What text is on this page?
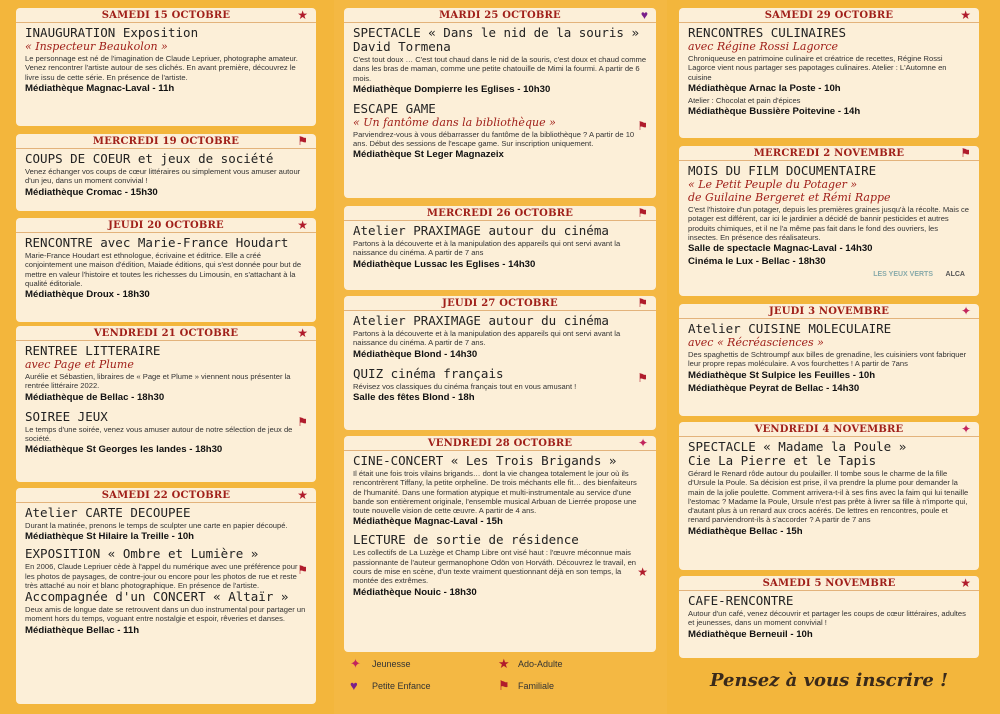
SAMEDI 15 OCTOBRE	★
INAUGURATION Exposition
« Inspecteur Beaukolon »
Le personnage est né de l'imagination de Claude Lepriuer, photographe amateur. Venez rencontrer l'artiste autour de ses clichés. En avant première, découvrez le livre issu de cette série. En présence de l'artiste.
Médiathèque Magnac-Laval - 11h
MERCREDI 19 OCTOBRE	⚑
COUPS DE COEUR et jeux de société
Venez échanger vos coups de cœur littéraires ou simplement vous amuser autour d'un jeu, dans un moment convivial !
Médiathèque Cromac - 15h30
JEUDI 20 OCTOBRE	★
RENCONTRE avec Marie-France Houdart
Marie-France Houdart est ethnologue, écrivaine et éditrice. Elle a créé conjointement une maison d'édition, Maiade éditions, qui s'est donnée pour but de mettre en valeur l'histoire et toutes les richesses du Limousin, en s'attachant à la qualité éditoriale.
Médiathèque Droux - 18h30
VENDREDI 21 OCTOBRE	★
RENTREE LITTERAIRE
avec Page et Plume
Aurélie et Sébastien, libraires de « Page et Plume » viennent nous présenter la rentrée littéraire 2022.
Médiathèque de Bellac - 18h30
⚑
SOIREE JEUX
Le temps d'une soirée, venez vous amuser autour de notre sélection de jeux de société.
Médiathèque St Georges les landes - 18h30
SAMEDI 22 OCTOBRE	★
Atelier CARTE DECOUPEE
Durant la matinée, prenons le temps de sculpter une carte en papier découpé.
Médiathèque St Hilaire la Treille - 10h
⚑
EXPOSITION « Ombre et Lumière »
En 2006, Claude Lepriuer cède à l'appel du numérique avec une préférence pour les photos de paysages, de contre-jour ou encore pour les photos de rue et reste très attaché au noir et blanc photographique. En présence de l'artiste.
Accompagnée d'un CONCERT « Altaïr »
Deux amis de longue date se retrouvent dans un duo instrumental pour partager un moment hors du temps, voguant entre nostalgie et espoir, rêveries et danses.
Médiathèque Bellac - 11h
MARDI 25 OCTOBRE	♥
SPECTACLE « Dans le nid de la souris »
David Tormena
C'est tout doux … C'est tout chaud dans le nid de la souris, c'est doux et chaud comme dans les bras de maman, comme une petite chatouille de Mimi la fourmi. A partir de 6 mois.
Médiathèque Dompierre les Eglises - 10h30
⚑
ESCAPE GAME
« Un fantôme dans la bibliothèque »
Parviendrez-vous à vous débarrasser du fantôme de la bibliothèque ? A partir de 10 ans. Début des sessions de l'escape game. Sur inscription uniquement.
Médiathèque St Leger Magnazeix
MERCREDI 26 OCTOBRE	⚑
Atelier PRAXIMAGE autour du cinéma
Partons à la découverte et à la manipulation des appareils qui ont servi avant la naissance du cinéma. A partir de 7 ans
Médiathèque Lussac les Eglises - 14h30
JEUDI 27 OCTOBRE	⚑
Atelier PRAXIMAGE autour du cinéma
Partons à la découverte et à la manipulation des appareils qui ont servi avant la naissance du cinéma. A partir de 7 ans.
Médiathèque Blond - 14h30
⚑
QUIZ cinéma français
Révisez vos classiques du cinéma français tout en vous amusant !
Salle des fêtes Blond - 18h
VENDREDI 28 OCTOBRE	✦
CINE-CONCERT « Les Trois Brigands »
Il était une fois trois vilains brigands… dont la vie changea totalement le jour où ils rencontrèrent Tiffany, la petite orpheline. De trois méchants elle fit… des bienfaiteurs de l'humanité. Dans une formation atypique et multi-instrumentale au service d'une bande son entièrement originale, l'ensemble musical Arbuan de Lierrée propose une toute nouvelle vision de cette œuvre. A partir de 4 ans.
Médiathèque Magnac-Laval - 15h
★
LECTURE de sortie de résidence
Les collectifs de La Luzège et Champ Libre ont visé haut : l'œuvre méconnue mais passionnante de l'auteur germanophone Odön von Horváth. Découvrez le travail, en cours de mise en scène, d'un texte vraiment questionnant déjà en son temps, la montée des extrêmes.
Médiathèque Nouic - 18h30
✦ Jeunesse	★ Ado-Adulte
♥ Petite Enfance	⚑ Familiale
SAMEDI 29 OCTOBRE	★
RENCONTRES CULINAIRES
avec Régine Rossi Lagorce
Chroniqueuse en patrimoine culinaire et créatrice de recettes, Régine Rossi Lagorce vient nous partager ses papotages culinaires. Atelier : L'Automne en cuisine
Médiathèque Arnac la Poste - 10h
Atelier : Chocolat et pain d'épices
Médiathèque Bussière Poitevine - 14h
MERCREDI 2 NOVEMBRE	⚑
MOIS DU FILM DOCUMENTAIRE
« Le Petit Peuple du Potager »
de Guilaine Bergeret et Rémi Rappe
C'est l'histoire d'un potager, depuis les premières graines jusqu'à la récolte. Mais ce potager est différent, car ici le jardinier a décidé de bannir pesticides et autres produits chimiques, et il ne l'a même pas fait dans le fond des ouvriers, les insectes. En présence des réalisateurs.
Salle de spectacle Magnac-Laval - 14h30
Cinéma le Lux - Bellac - 18h30
LES YEUX VERTS ALCA
JEUDI 3 NOVEMBRE	✦
Atelier CUISINE MOLECULAIRE
avec « Récréasciences »
Des spaghettis de Schtroumpf aux billes de grenadine, les cuisiniers vont fabriquer leur propre repas moléculaire. A vos fourchettes ! A partir de 7ans
Médiathèque St Sulpice les Feuilles - 10h
Médiathèque Peyrat de Bellac - 14h30
VENDREDI 4 NOVEMBRE	✦
SPECTACLE « Madame la Poule »
Cie La Pierre et le Tapis
Gérard le Renard rôde autour du poulailler. Il tombe sous le charme de la fille d'Ursule la Poule. Sa décision est prise, il va prendre la plume pour demander la main de la jolie poulette. Comment arrivera-t-il à ses fins avec la faim qui lui tenaille l'estomac ? Madame la Poule, Ursule n'est pas prête à livrer sa fille à n'importe qui, d'autant plus à un renard aux crocs acérés. De lettres en rencontres, poule et renard parviendront-ils à s'accorder ? A partir de 7 ans
Médiathèque Bellac - 15h
SAMEDI 5 NOVEMBRE	★
CAFE-RENCONTRE
Autour d'un café, venez découvrir et partager les coups de cœur littéraires, adultes et jeunesses, dans un moment convivial !
Médiathèque Berneuil - 10h
Pensez à vous inscrire !
